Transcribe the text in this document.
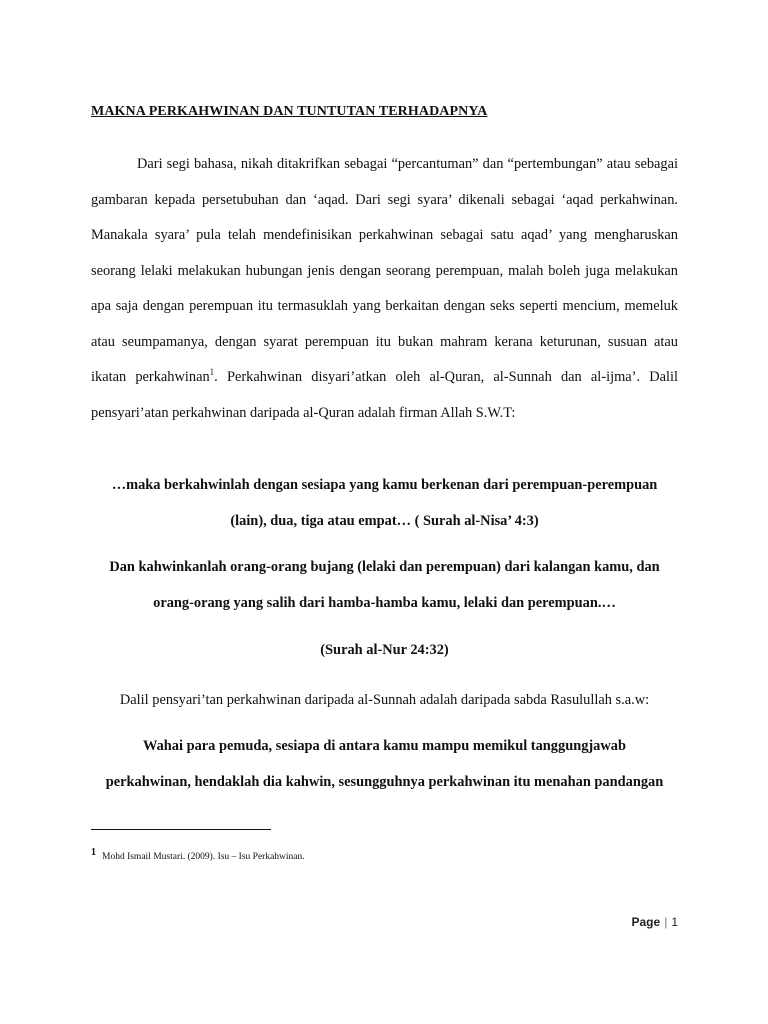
MAKNA PERKAHWINAN DAN TUNTUTAN TERHADAPNYA
Dari segi bahasa, nikah ditakrifkan sebagai “percantuman” dan “pertembungan” atau sebagai gambaran kepada persetubuhan dan ‘aqad. Dari segi syara’ dikenali sebagai ‘aqad perkahwinan. Manakala syara’ pula telah mendefinisikan perkahwinan sebagai satu aqad’ yang mengharuskan seorang lelaki melakukan hubungan jenis dengan seorang perempuan, malah boleh juga melakukan apa saja dengan perempuan itu termasuklah yang berkaitan dengan seks seperti mencium, memeluk atau seumpamanya, dengan syarat perempuan itu bukan mahram kerana keturunan, susuan atau ikatan perkahwinan$^1$. Perkahwinan disyari’atkan oleh al-Quran, al-Sunnah dan al-ijma’. Dalil pensyari’atan perkahwinan daripada al-Quran adalah firman Allah S.W.T:
…maka berkahwinlah dengan sesiapa yang kamu berkenan dari perempuan-perempuan
(lain), dua, tiga atau empat… ( Surah al-Nisa’ 4:3)
Dan kahwinkanlah orang-orang bujang (lelaki dan perempuan) dari kalangan kamu, dan
orang-orang yang salih dari hamba-hamba kamu, lelaki dan perempuan.…
(Surah al-Nur 24:32)
Dalil pensyari’tan perkahwinan daripada al-Sunnah adalah daripada sabda Rasulullah s.a.w:
Wahai para pemuda, sesiapa di antara kamu mampu memikul tanggungjawab
perkahwinan, hendaklah dia kahwin, sesungguhnya perkahwinan itu menahan pandangan
1 Mohd Ismail Mustari. (2009). Isu – Isu Perkahwinan.
Page | 1
